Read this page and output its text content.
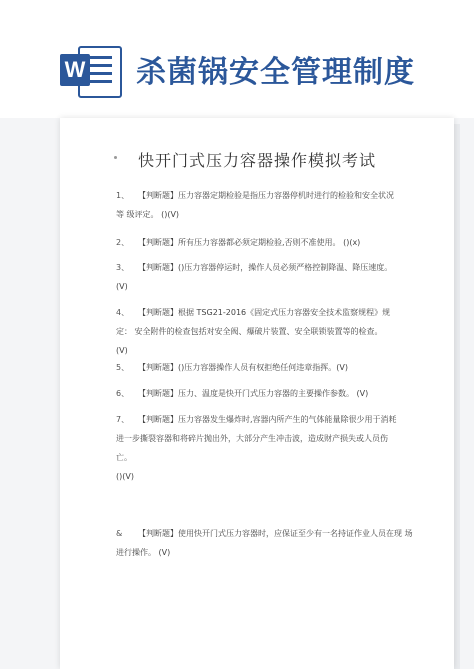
W 杀菌锅安全管理制度
快开门式压力容器操作模拟考试
1、 【判断题】压力容器定期检验是指压力容器停机时进行的检验和安全状况
等 级评定。 ()(V)
2、 【判断题】所有压力容器都必须定期检验,否则不准使用。 ()(x)
3、 【判断题】()压力容器停运时，操作人员必须严格控制降温、降压速度。
(V)
4、 【判断题】根据 TSG21-2016《固定式压力容器安全技术监察规程》规
定： 安全附件的检查包括对安全阀、爆破片装置、安全联锁装置等的检查。
(V)
5、 【判断题】()压力容器操作人员有权拒绝任何违章指挥。(V)
6、 【判断题】压力、温度是快开门式压力容器的主要操作参数。 (V)
7、 【判断题】压力容器发生爆炸时,容器内所产生的气体能量除很少用于消耗
进一步撕裂容器和将碎片抛出外，大部分产生冲击波，造成财产损失或人员伤
亡。
()(V)
& 【判断题】使用快开门式压力容器时，应保证至少有一名持证作业人员在现 场
进行操作。 (V)
